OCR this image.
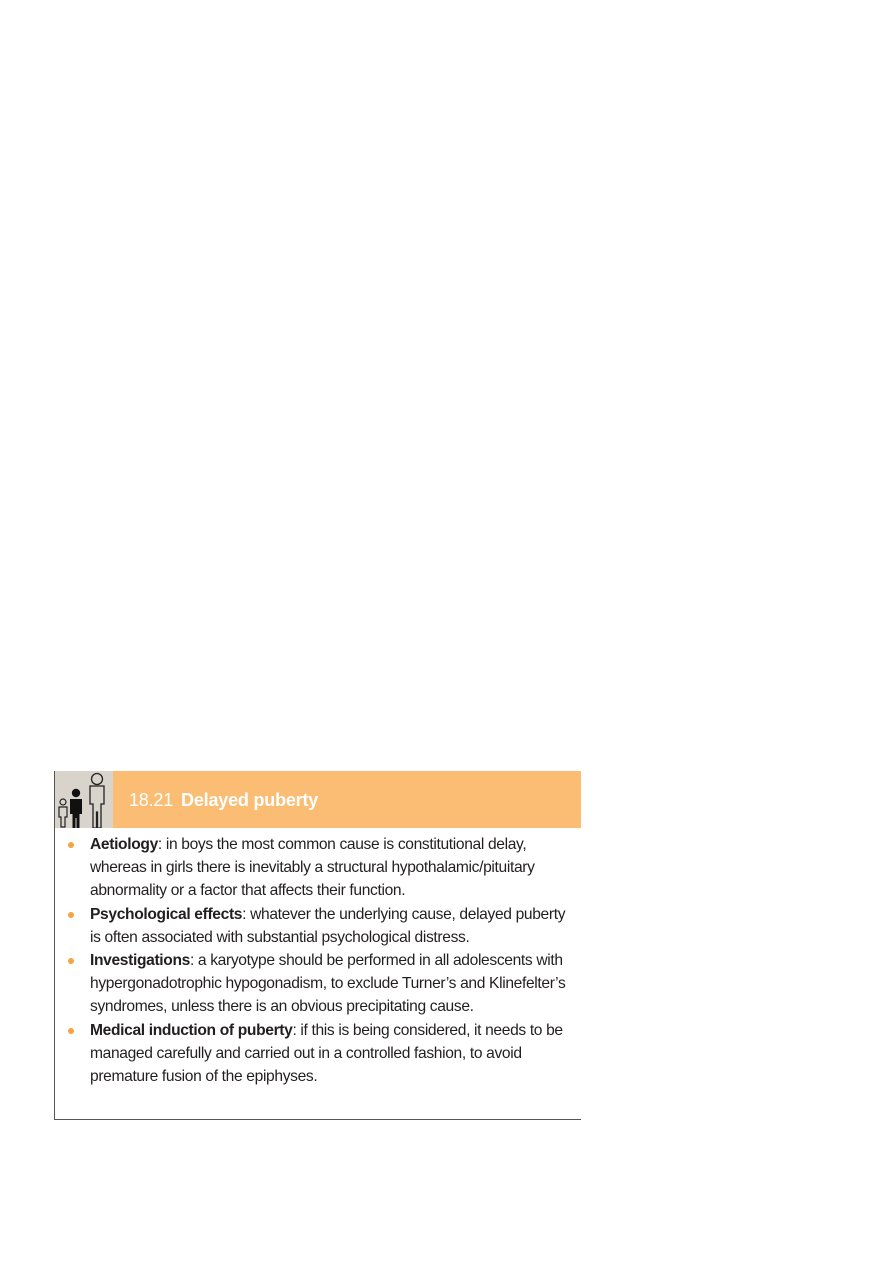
18.21 Delayed puberty
Aetiology: in boys the most common cause is constitutional delay, whereas in girls there is inevitably a structural hypothalamic/pituitary abnormality or a factor that affects their function.
Psychological effects: whatever the underlying cause, delayed puberty is often associated with substantial psychological distress.
Investigations: a karyotype should be performed in all adolescents with hypergonadotrophic hypogonadism, to exclude Turner’s and Klinefelter’s syndromes, unless there is an obvious precipitating cause.
Medical induction of puberty: if this is being considered, it needs to be managed carefully and carried out in a controlled fashion, to avoid premature fusion of the epiphyses.
